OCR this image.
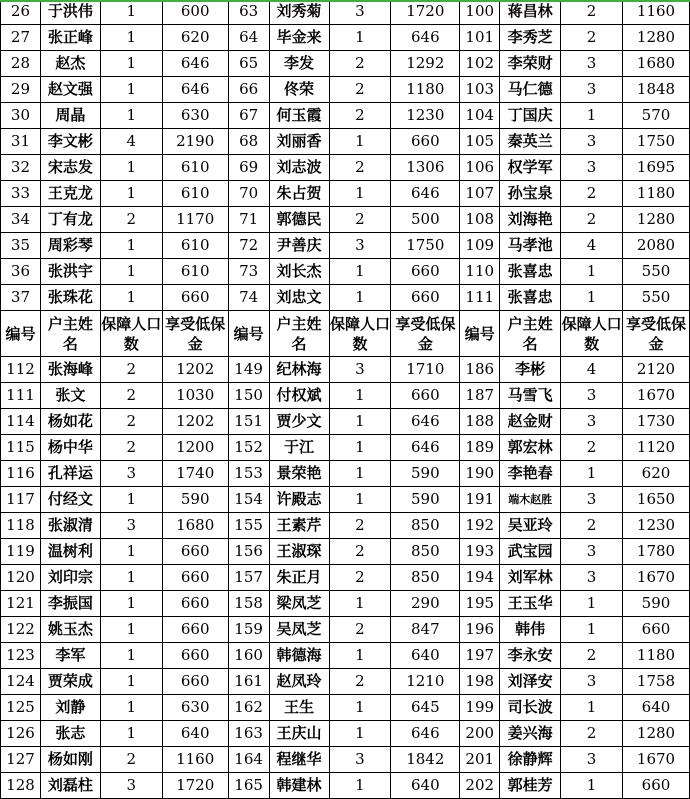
26	于洪伟	1	600	63	刘秀菊	3	1720	100	蒋昌林	2	1160
27	张正峰	1	620	64	毕金来	1	646	101	李秀芝	2	1280
28	赵杰	1	646	65	李发	2	1292	102	李荣财	3	1680
29	赵文强	1	646	66	佟荣	2	1180	103	马仁德	3	1848
30	周晶	1	630	67	何玉霞	2	1230	104	丁国庆	1	570
31	李文彬	4	2190	68	刘丽香	1	660	105	秦英兰	3	1750
32	宋志发	1	610	69	刘志波	2	1306	106	权学军	3	1695
33	王克龙	1	610	70	朱占贺	1	646	107	孙宝泉	2	1180
34	丁有龙	2	1170	71	郭德民	2	500	108	刘海艳	2	1280
35	周彩琴	1	610	72	尹善庆	3	1750	109	马孝池	4	2080
36	张洪宇	1	610	73	刘长杰	1	660	110	张喜忠	1	550
37	张珠花	1	660	74	刘忠文	1	660	111	张喜忠	1	550
编号	户主姓名	保障人口数	享受低保金	编号	户主姓名	保障人口数	享受低保金	编号	户主姓名	保障人口数	享受低保金
112	张海峰	2	1202	149	纪林海	3	1710	186	李彬	4	2120
111	张文	2	1030	150	付权斌	1	660	187	马雪飞	3	1670
114	杨如花	2	1202	151	贾少文	1	646	188	赵金财	3	1730
115	杨中华	2	1200	152	于江	1	646	189	郭宏林	2	1120
116	孔祥运	3	1740	153	景荣艳	1	590	190	李艳春	1	620
117	付经文	1	590	154	许殿志	1	590	191	端木赵胜	3	1650
118	张淑清	3	1680	155	王素芹	2	850	192	吴亚玲	2	1230
119	温树利	1	660	156	王淑琛	2	850	193	武宝园	3	1780
120	刘印宗	1	660	157	朱正月	2	850	194	刘军林	3	1670
121	李振国	1	660	158	梁凤芝	1	290	195	王玉华	1	590
122	姚玉杰	1	660	159	吴凤芝	2	847	196	韩伟	1	660
123	李军	1	660	160	韩德海	1	640	197	李永安	2	1180
124	贾荣成	1	660	161	赵凤玲	2	1210	198	刘泽安	3	1758
125	刘静	1	630	162	王生	1	645	199	司长波	1	640
126	张志	1	640	163	王庆山	1	646	200	姜兴海	2	1280
127	杨如刚	2	1160	164	程继华	3	1842	201	徐静辉	3	1670
128	刘磊柱	3	1720	165	韩建林	1	640	202	郭桂芳	1	660
